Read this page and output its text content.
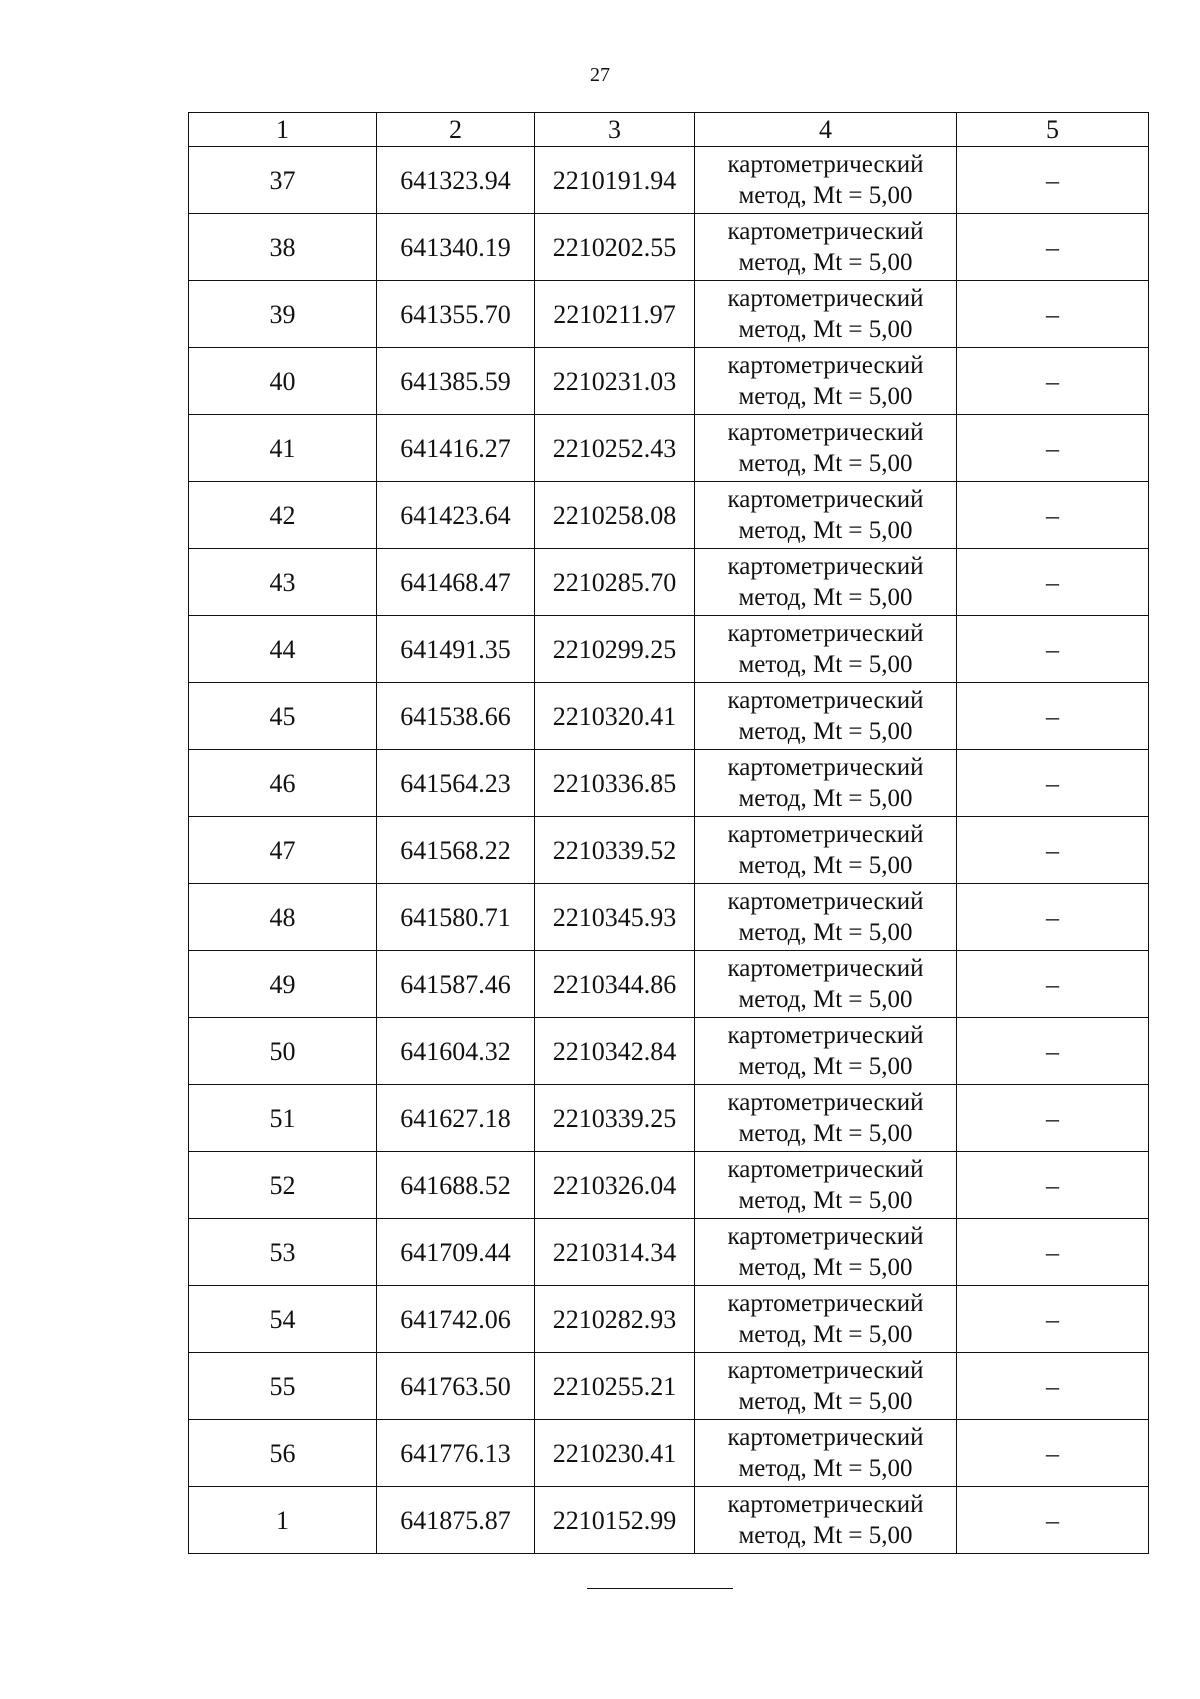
27
1	2	3	4	5
37	641323.94	2210191.94	картометрический
метод, Mt = 5,00	–
38	641340.19	2210202.55	картометрический
метод, Mt = 5,00	–
39	641355.70	2210211.97	картометрический
метод, Mt = 5,00	–
40	641385.59	2210231.03	картометрический
метод, Mt = 5,00	–
41	641416.27	2210252.43	картометрический
метод, Mt = 5,00	–
42	641423.64	2210258.08	картометрический
метод, Mt = 5,00	–
43	641468.47	2210285.70	картометрический
метод, Mt = 5,00	–
44	641491.35	2210299.25	картометрический
метод, Mt = 5,00	–
45	641538.66	2210320.41	картометрический
метод, Mt = 5,00	–
46	641564.23	2210336.85	картометрический
метод, Mt = 5,00	–
47	641568.22	2210339.52	картометрический
метод, Mt = 5,00	–
48	641580.71	2210345.93	картометрический
метод, Mt = 5,00	–
49	641587.46	2210344.86	картометрический
метод, Mt = 5,00	–
50	641604.32	2210342.84	картометрический
метод, Mt = 5,00	–
51	641627.18	2210339.25	картометрический
метод, Mt = 5,00	–
52	641688.52	2210326.04	картометрический
метод, Mt = 5,00	–
53	641709.44	2210314.34	картометрический
метод, Mt = 5,00	–
54	641742.06	2210282.93	картометрический
метод, Mt = 5,00	–
55	641763.50	2210255.21	картометрический
метод, Mt = 5,00	–
56	641776.13	2210230.41	картометрический
метод, Mt = 5,00	–
1	641875.87	2210152.99	картометрический
метод, Mt = 5,00	–
